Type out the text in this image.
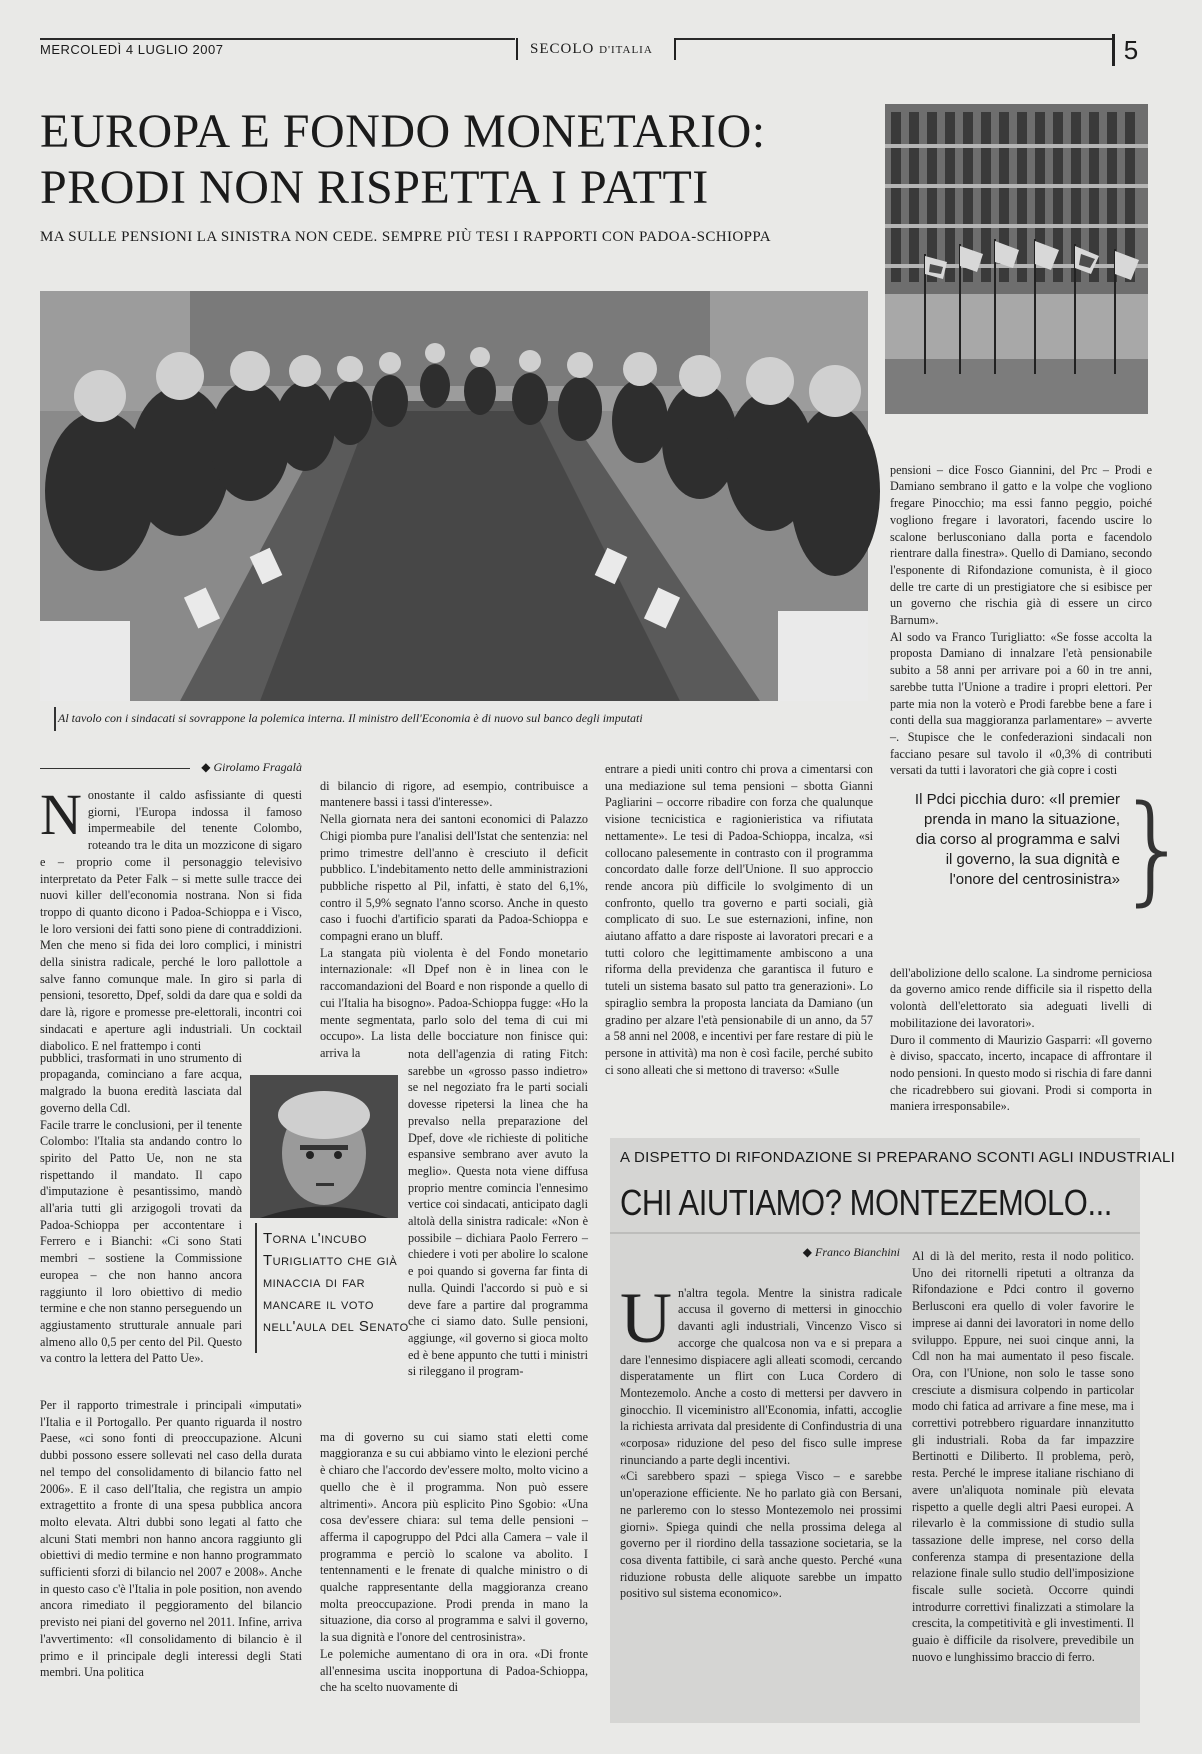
MERCOLEDÌ 4 LUGLIO 2007	SECOLO D'ITALIA	5
EUROPA E FONDO MONETARIO:
PRODI NON RISPETTA I PATTI
MA SULLE PENSIONI LA SINISTRA NON CEDE. SEMPRE PIÙ TESI I RAPPORTI CON PADOA-SCHIOPPA
Al tavolo con i sindacati si sovrappone la polemica interna. Il ministro dell'Economia è di nuovo sul banco degli imputati
◆ Girolamo Fragalà
Nonostante il caldo asfissiante di questi giorni, l'Europa indossa il famoso impermeabile del tenente Colombo, roteando tra le dita un mozzicone di sigaro e – proprio come il personaggio televisivo interpretato da Peter Falk – si mette sulle tracce dei nuovi killer dell'economia nostrana. Non si fida troppo di quanto dicono i Padoa-Schioppa e i Visco, le loro versioni dei fatti sono piene di contraddizioni. Men che meno si fida dei loro complici, i ministri della sinistra radicale, perché le loro pallottole a salve fanno comunque male. In giro si parla di pensioni, tesoretto, Dpef, soldi da dare qua e soldi da dare là, rigore e promesse pre-elettorali, incontri coi sindacati e aperture agli industriali. Un cocktail diabolico. E nel frattempo i conti

pubblici, trasformati in uno strumento di propaganda, cominciano a fare acqua, malgrado la buona eredità lasciata dal governo della Cdl.
Facile trarre le conclusioni, per il tenente Colombo: l'Italia sta andando contro lo spirito del Patto Ue, non ne sta rispettando il mandato. Il capo d'imputazione è pesantissimo, mandò all'aria tutti gli arzigogoli trovati da Padoa-Schioppa per accontentare i Ferrero e i Bianchi: «Ci sono Stati membri – sostiene la Commissione europea – che non hanno ancora raggiunto il loro obiettivo di medio termine e che non stanno perseguendo un aggiustamento strutturale annuale pari almeno allo 0,5 per cento del Pil. Questo va contro la lettera del Patto Ue».

Per il rapporto trimestrale i principali «imputati» l'Italia e il Portogallo. Per quanto riguarda il nostro Paese, «ci sono fonti di preoccupazione. Alcuni dubbi possono essere sollevati nel caso della durata nel tempo del consolidamento di bilancio fatto nel 2006». E il caso dell'Italia, che registra un ampio extragettito a fronte di una spesa pubblica ancora molto elevata. Altri dubbi sono legati al fatto che alcuni Stati membri non hanno ancora raggiunto gli obiettivi di medio termine e non hanno programmato sufficienti sforzi di bilancio nel 2007 e 2008». Anche in questo caso c'è l'Italia in pole position, non avendo ancora rimediato il peggioramento del bilancio previsto nei piani del governo nel 2011. Infine, arriva l'avvertimento: «Il consolidamento di bilancio è il primo e il principale degli interessi degli Stati membri. Una politica
Torna l'incubo Turigliatto che già minaccia di far mancare il voto nell'aula del Senato

di bilancio di rigore, ad esempio, contribuisce a mantenere bassi i tassi d'interesse».
Nella giornata nera dei santoni economici di Palazzo Chigi piomba pure l'analisi dell'Istat che sentenzia: nel primo trimestre dell'anno è cresciuto il deficit pubblico. L'indebitamento netto delle amministrazioni pubbliche rispetto al Pil, infatti, è stato del 6,1%, contro il 5,9% segnato l'anno scorso. Anche in questo caso i fuochi d'artificio sparati da Padoa-Schioppa e compagni erano un bluff.
La stangata più violenta è del Fondo monetario internazionale: «Il Dpef non è in linea con le raccomandazioni del Board e non risponde a quello di cui l'Italia ha bisogno». Padoa-Schioppa fugge: «Ho la mente segmentata, parlo solo del tema di cui mi occupo». La lista delle bocciature non finisce qui: arriva la	nota dell'agenzia di rating Fitch: sarebbe un «grosso passo indietro» se nel negoziato fra le parti sociali dovesse ripetersi la linea che ha prevalso nella preparazione del Dpef, dove «le richieste di politiche espansive sembrano aver avuto la meglio». Questa nota viene diffusa proprio mentre comincia l'ennesimo vertice coi sindacati, anticipato dagli altolà della sinistra radicale: «Non è possibile – dichiara Paolo Ferrero – chiedere i voti per abolire lo scalone e poi quando si governa far finta di nulla. Quindi l'accordo si può e si deve fare a partire dal programma che ci siamo dato. Sulle pensioni, aggiunge, «il governo si gioca molto ed è bene appunto che tutti i ministri si rileggano il program-

ma di governo su cui siamo stati eletti come maggioranza e su cui abbiamo vinto le elezioni perché è chiaro che l'accordo dev'essere molto, molto vicino a quello che è il programma. Non può essere altrimenti». Ancora più esplicito Pino Sgobio: «Una cosa dev'essere chiara: sul tema delle pensioni – afferma il capogruppo del Pdci alla Camera – vale il programma e perciò lo scalone va abolito. I tentennamenti e le frenate di qualche ministro o di qualche rappresentante della maggioranza creano molta preoccupazione. Prodi prenda in mano la situazione, dia corso al programma e salvi il governo, la sua dignità e l'onore del centrosinistra».
Le polemiche aumentano di ora in ora. «Di fronte all'ennesima uscita inopportuna di Padoa-Schioppa, che ha scelto nuovamente di

entrare a piedi uniti contro chi prova a cimentarsi con una mediazione sul tema pensioni – sbotta Gianni Pagliarini – occorre ribadire con forza che qualunque visione tecnicistica e ragionieristica va rifiutata nettamente». Le tesi di Padoa-Schioppa, incalza, «si collocano palesemente in contrasto con il programma concordato dalle forze dell'Unione. Il suo approccio rende ancora più difficile lo svolgimento di un confronto, quello tra governo e parti sociali, già complicato di suo. Le sue esternazioni, infine, non aiutano affatto a dare risposte ai lavoratori precari e a tutti coloro che legittimamente ambiscono a una riforma della previdenza che garantisca il futuro e tuteli un sistema basato sul patto tra generazioni». Lo spiraglio sembra la proposta lanciata da Damiano (un gradino per alzare l'età pensionabile di un anno, da 57 a 58 anni nel 2008, e incentivi per fare restare di più le persone in attività) ma non è così facile, perché subito ci sono alleati che si mettono di traverso: «Sulle

pensioni – dice Fosco Giannini, del Prc – Prodi e Damiano sembrano il gatto e la volpe che vogliono fregare Pinocchio; ma essi fanno peggio, poiché vogliono fregare i lavoratori, facendo uscire lo scalone berlusconiano dalla porta e facendolo rientrare dalla finestra». Quello di Damiano, secondo l'esponente di Rifondazione comunista, è il gioco delle tre carte di un prestigiatore che si esibisce per un governo che rischia già di essere un circo Barnum».
Al sodo va Franco Turigliatto: «Se fosse accolta la proposta Damiano di innalzare l'età pensionabile subito a 58 anni per arrivare poi a 60 in tre anni, sarebbe tutta l'Unione a tradire i propri elettori. Per parte mia non la voterò e Prodi farebbe bene a fare i conti della sua maggioranza parlamentare» – avverte –. Stupisce che le confederazioni sindacali non facciano pesare sul tavolo il «0,3% di contributi versati da tutti i lavoratori che già copre i costi

Il Pdci picchia duro: «Il premier prenda in mano la situazione, dia corso al programma e salvi il governo, la sua dignità e l'onore del centrosinistra»
}

dell'abolizione dello scalone. La sindrome perniciosa da governo amico rende difficile sia il rispetto della volontà dell'elettorato sia adeguati livelli di mobilitazione dei lavoratori».
Duro il commento di Maurizio Gasparri: «Il governo è diviso, spaccato, incerto, incapace di affrontare il nodo pensioni. In questo modo si rischia di fare danni che ricadrebbero sui giovani. Prodi si comporta in maniera irresponsabile».

A DISPETTO DI RIFONDAZIONE SI PREPARANO SCONTI AGLI INDUSTRIALI
CHI AIUTIAMO? MONTEZEMOLO...
◆ Franco Bianchini

Un'altra tegola. Mentre la sinistra radicale accusa il governo di mettersi in ginocchio davanti agli industriali, Vincenzo Visco si accorge che qualcosa non va e si prepara a dare l'ennesimo dispiacere agli alleati scomodi, cercando disperatamente un flirt con Luca Cordero di Montezemolo. Anche a costo di mettersi per davvero in ginocchio. Il viceministro all'Economia, infatti, accoglie la richiesta arrivata dal presidente di Confindustria di una «corposa» riduzione del peso del fisco sulle imprese rinunciando a parte degli incentivi.
«Ci sarebbero spazi – spiega Visco – e sarebbe un'operazione efficiente. Ne ho parlato già con Bersani, ne parleremo con lo stesso Montezemolo nei prossimi giorni». Spiega quindi che nella prossima delega al governo per il riordino della tassazione societaria, se la cosa diventa fattibile, ci sarà anche questo. Perché «una riduzione robusta delle aliquote sarebbe un impatto positivo sul sistema economico».

Al di là del merito, resta il nodo politico. Uno dei ritornelli ripetuti a oltranza da Rifondazione e Pdci contro il governo Berlusconi era quello di voler favorire le imprese ai danni dei lavoratori in nome dello sviluppo. Eppure, nei suoi cinque anni, la Cdl non ha mai aumentato il peso fiscale. Ora, con l'Unione, non solo le tasse sono cresciute a dismisura colpendo in particolar modo chi fatica ad arrivare a fine mese, ma i correttivi potrebbero riguardare innanzitutto gli industriali. Roba da far impazzire Bertinotti e Diliberto. Il problema, però, resta. Perché le imprese italiane rischiano di avere un'aliquota nominale più elevata rispetto a quelle degli altri Paesi europei. A rilevarlo è la commissione di studio sulla tassazione delle imprese, nel corso della conferenza stampa di presentazione della relazione finale sullo studio dell'imposizione fiscale sulle società. Occorre quindi introdurre correttivi finalizzati a stimolare la crescita, la competitività e gli investimenti. Il guaio è difficile da risolvere, prevedibile un nuovo e lunghissimo braccio di ferro.
